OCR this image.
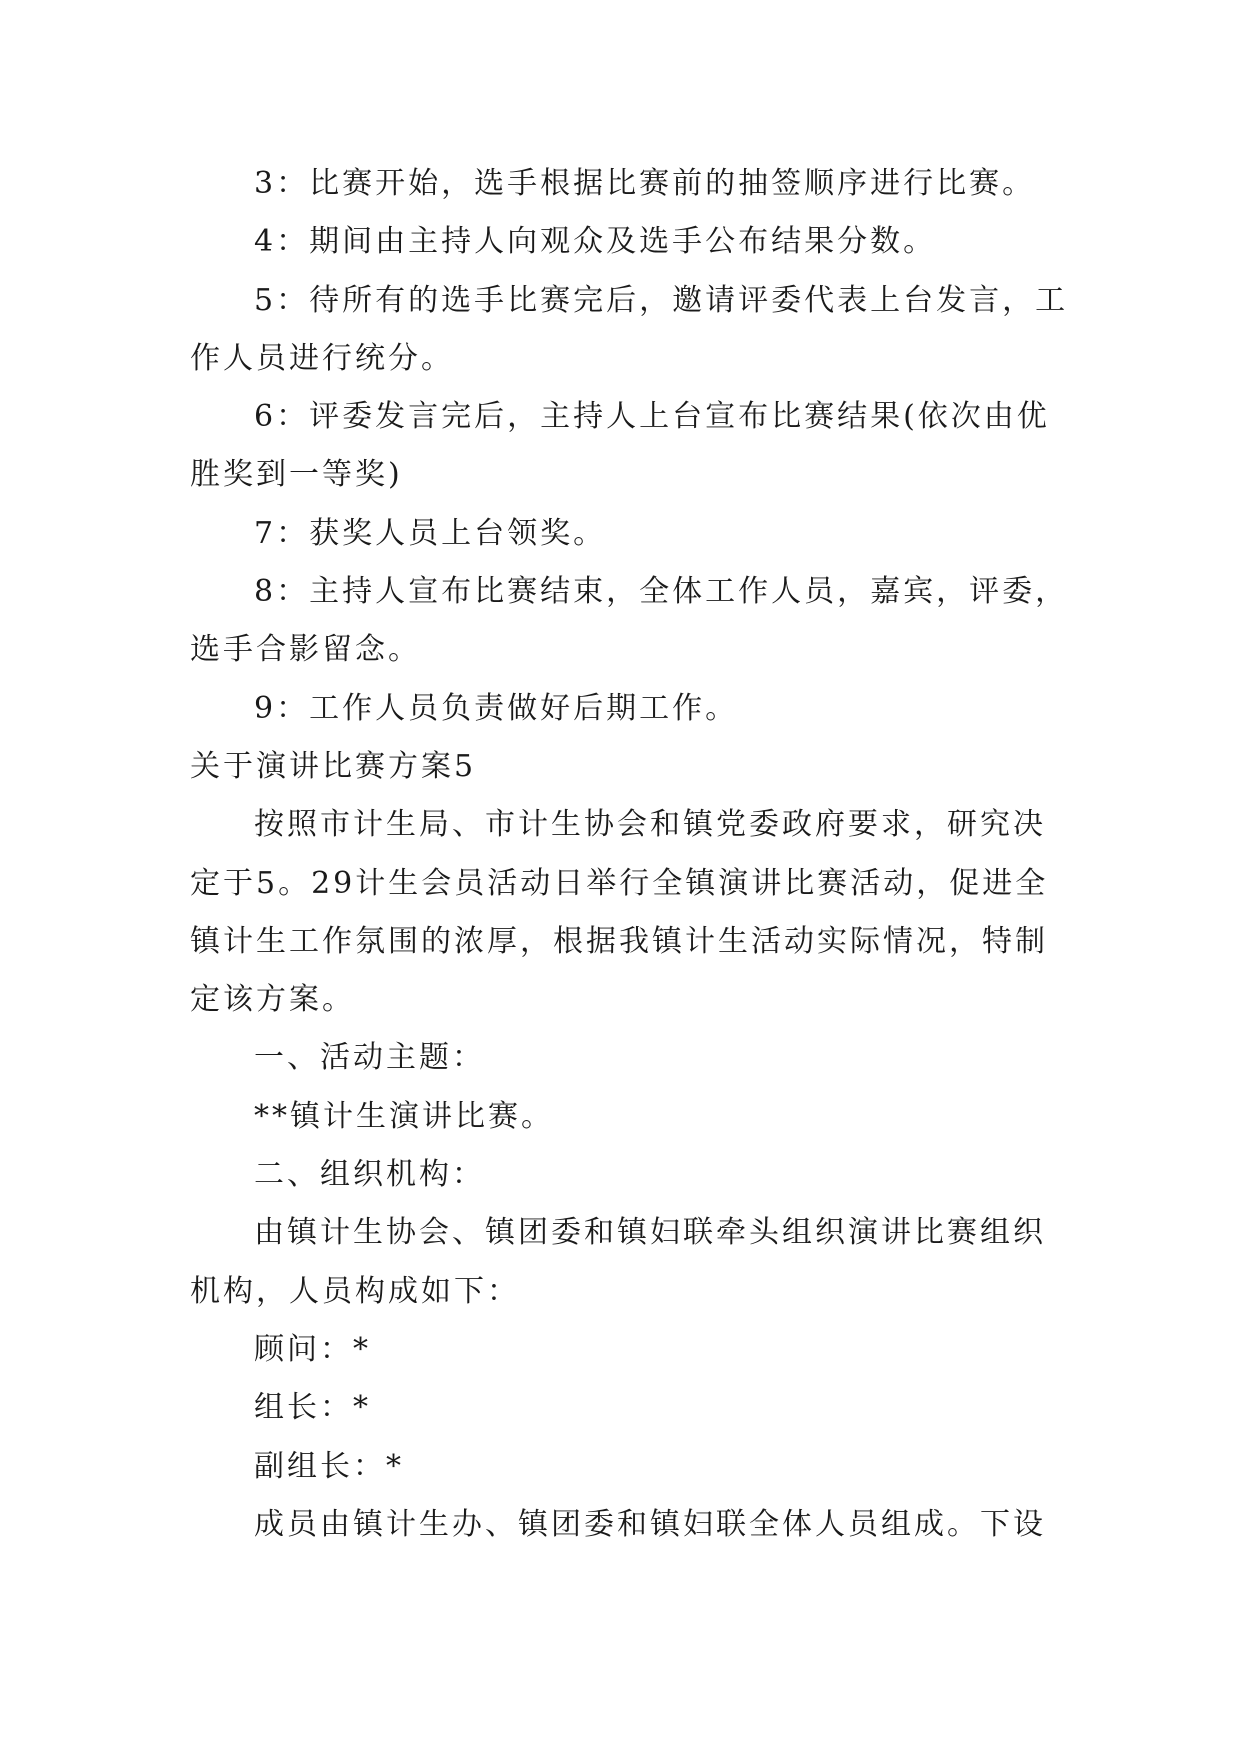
3：比赛开始，选手根据比赛前的抽签顺序进行比赛。

4：期间由主持人向观众及选手公布结果分数。

5：待所有的选手比赛完后，邀请评委代表上台发言，工作人员进行统分。

6：评委发言完后，主持人上台宣布比赛结果(依次由优胜奖到一等奖)

7：获奖人员上台领奖。

8：主持人宣布比赛结束，全体工作人员，嘉宾，评委，选手合影留念。

9：工作人员负责做好后期工作。

关于演讲比赛方案5

按照市计生局、市计生协会和镇党委政府要求，研究决定于5。29计生会员活动日举行全镇演讲比赛活动，促进全镇计生工作氛围的浓厚，根据我镇计生活动实际情况，特制定该方案。

一、活动主题：

**镇计生演讲比赛。

二、组织机构：

由镇计生协会、镇团委和镇妇联牵头组织演讲比赛组织机构，人员构成如下：

顾问：*

组长：*

副组长：*

成员由镇计生办、镇团委和镇妇联全体人员组成。下设
